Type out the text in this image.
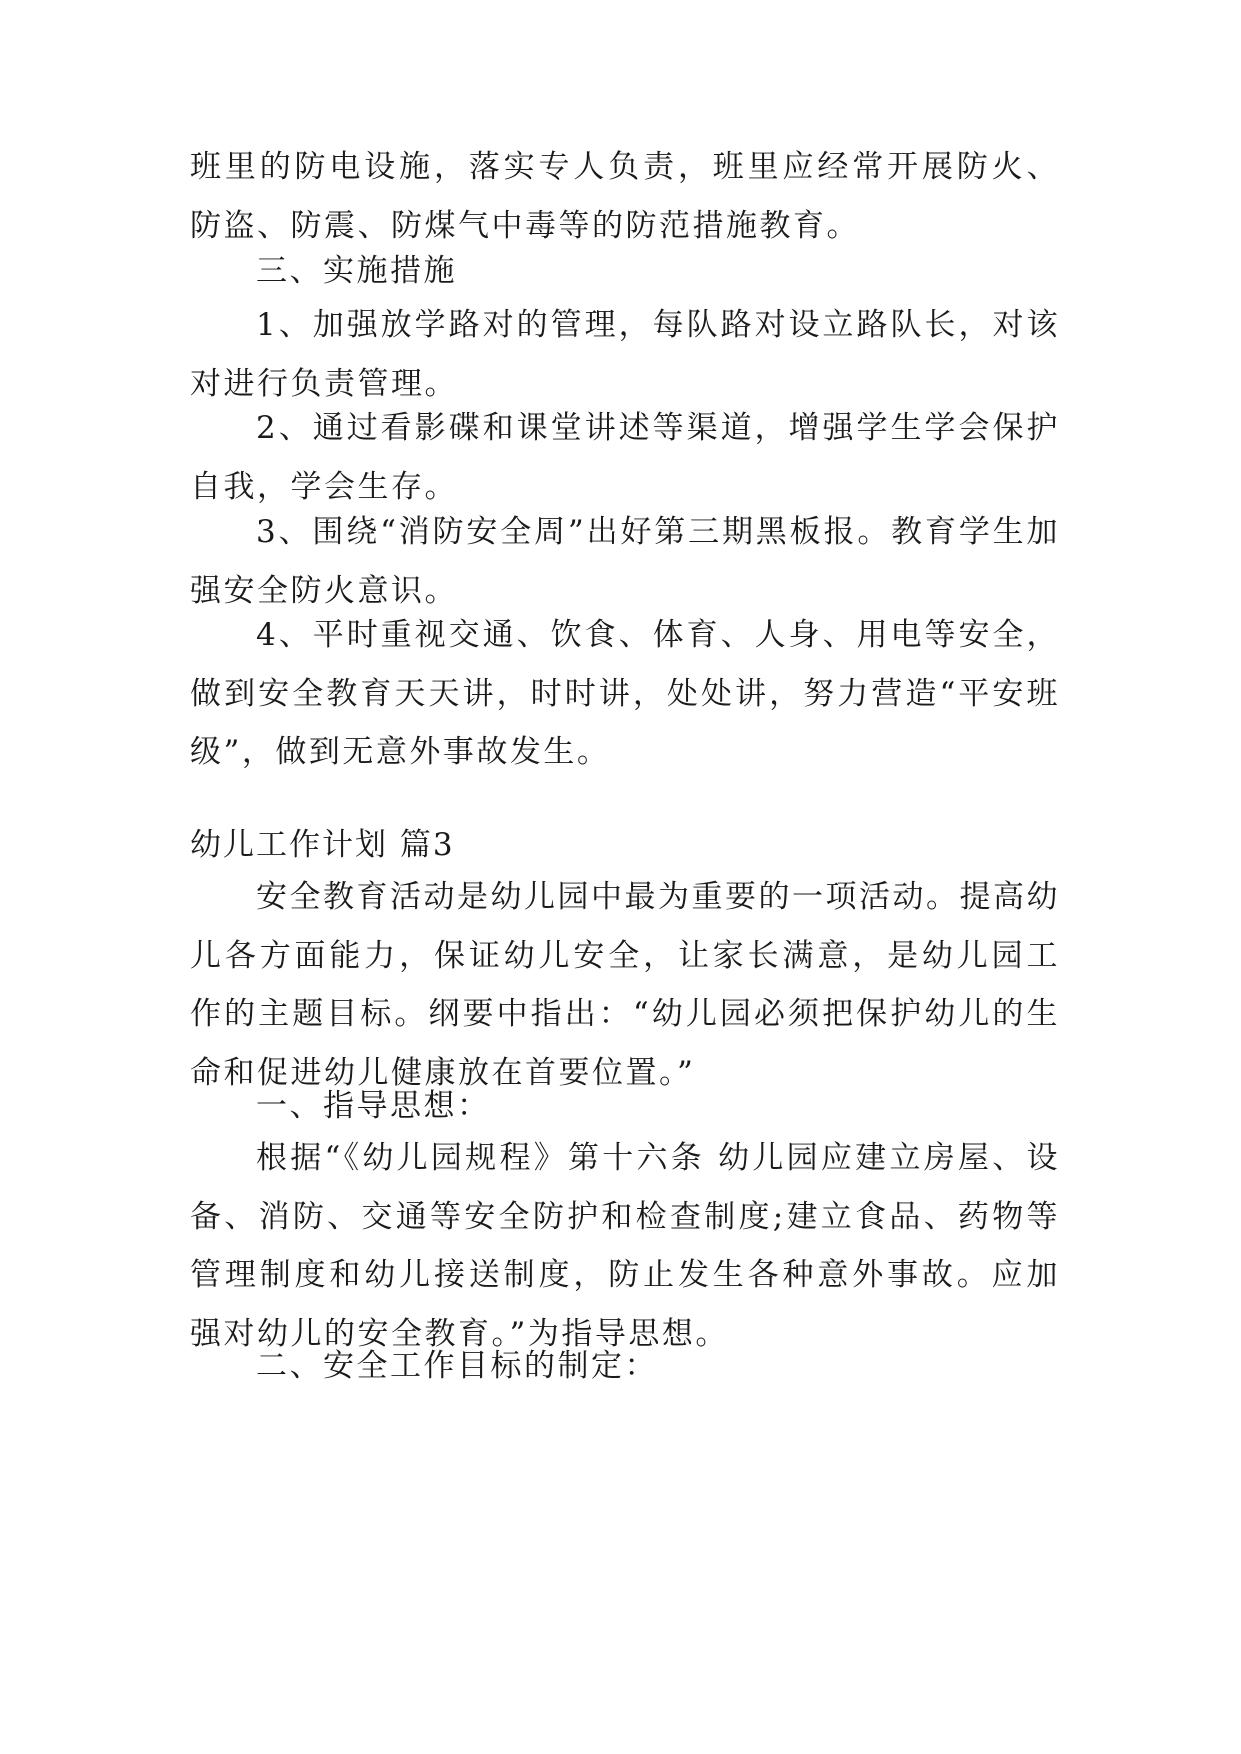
班里的防电设施，落实专人负责，班里应经常开展防火、防盗、防震、防煤气中毒等的防范措施教育。

三、实施措施

1、加强放学路对的管理，每队路对设立路队长，对该对进行负责管理。

2、通过看影碟和课堂讲述等渠道，增强学生学会保护自我，学会生存。

3、围绕“消防安全周”出好第三期黑板报。教育学生加强安全防火意识。

4、平时重视交通、饮食、体育、人身、用电等安全，做到安全教育天天讲，时时讲，处处讲，努力营造“平安班级”，做到无意外事故发生。

幼儿工作计划 篇3

安全教育活动是幼儿园中最为重要的一项活动。提高幼儿各方面能力，保证幼儿安全，让家长满意，是幼儿园工作的主题目标。纲要中指出：“幼儿园必须把保护幼儿的生命和促进幼儿健康放在首要位置。”

一、指导思想：

根据“《幼儿园规程》第十六条 幼儿园应建立房屋、设备、消防、交通等安全防护和检查制度;建立食品、药物等管理制度和幼儿接送制度，防止发生各种意外事故。应加强对幼儿的安全教育。”为指导思想。

二、安全工作目标的制定：
